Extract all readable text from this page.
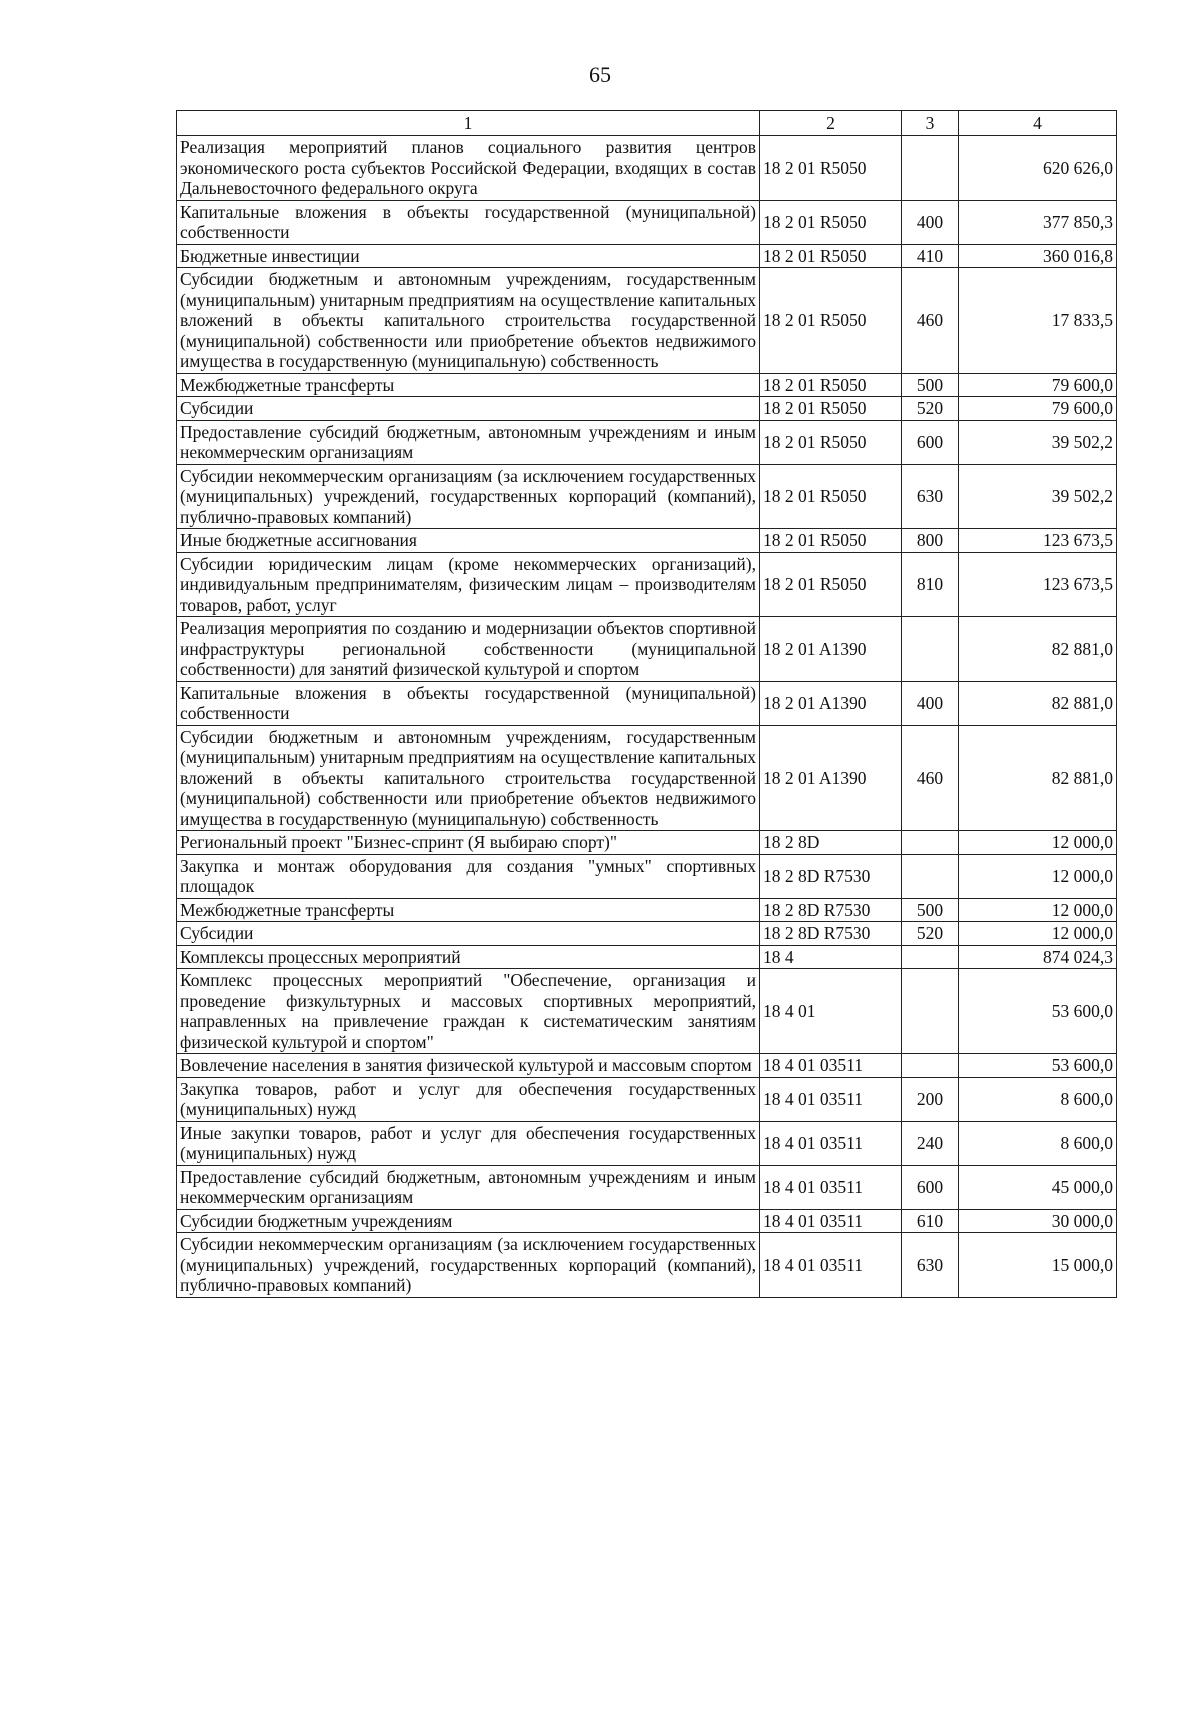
65
1	2	3	4
Реализация мероприятий планов социального развития центров экономического роста субъектов Российской Федерации, входящих в состав Дальневосточного федерального округа	18 2 01 R5050		620 626,0
Капитальные вложения в объекты государственной (муниципальной) собственности	18 2 01 R5050	400	377 850,3
Бюджетные инвестиции	18 2 01 R5050	410	360 016,8
Субсидии бюджетным и автономным учреждениям, государственным (муниципальным) унитарным предприятиям на осуществление капитальных вложений в объекты капитального строительства государственной (муниципальной) собственности или приобретение объектов недвижимого имущества в государственную (муниципальную) собственность	18 2 01 R5050	460	17 833,5
Межбюджетные трансферты	18 2 01 R5050	500	79 600,0
Субсидии	18 2 01 R5050	520	79 600,0
Предоставление субсидий бюджетным, автономным учреждениям и иным некоммерческим организациям	18 2 01 R5050	600	39 502,2
Субсидии некоммерческим организациям (за исключением государственных (муниципальных) учреждений, государственных корпораций (компаний), публично-правовых компаний)	18 2 01 R5050	630	39 502,2
Иные бюджетные ассигнования	18 2 01 R5050	800	123 673,5
Субсидии юридическим лицам (кроме некоммерческих организаций), индивидуальным предпринимателям, физическим лицам – производителям товаров, работ, услуг	18 2 01 R5050	810	123 673,5
Реализация мероприятия по созданию и модернизации объектов спортивной инфраструктуры региональной собственности (муниципальной собственности) для занятий физической культурой и спортом	18 2 01 A1390		82 881,0
Капитальные вложения в объекты государственной (муниципальной) собственности	18 2 01 A1390	400	82 881,0
Субсидии бюджетным и автономным учреждениям, государственным (муниципальным) унитарным предприятиям на осуществление капитальных вложений в объекты капитального строительства государственной (муниципальной) собственности или приобретение объектов недвижимого имущества в государственную (муниципальную) собственность	18 2 01 A1390	460	82 881,0
Региональный проект "Бизнес-спринт (Я выбираю спорт)"	18 2 8D		12 000,0
Закупка и монтаж оборудования для создания "умных" спортивных площадок	18 2 8D R7530		12 000,0
Межбюджетные трансферты	18 2 8D R7530	500	12 000,0
Субсидии	18 2 8D R7530	520	12 000,0
Комплексы процессных мероприятий	18 4		874 024,3
Комплекс процессных мероприятий "Обеспечение, организация и проведение физкультурных и массовых спортивных мероприятий, направленных на привлечение граждан к систематическим занятиям физической культурой и спортом"	18 4 01		53 600,0
Вовлечение населения в занятия физической культурой и массовым спортом	18 4 01 03511		53 600,0
Закупка товаров, работ и услуг для обеспечения государственных (муниципальных) нужд	18 4 01 03511	200	8 600,0
Иные закупки товаров, работ и услуг для обеспечения государственных (муниципальных) нужд	18 4 01 03511	240	8 600,0
Предоставление субсидий бюджетным, автономным учреждениям и иным некоммерческим организациям	18 4 01 03511	600	45 000,0
Субсидии бюджетным учреждениям	18 4 01 03511	610	30 000,0
Субсидии некоммерческим организациям (за исключением государственных (муниципальных) учреждений, государственных корпораций (компаний), публично-правовых компаний)	18 4 01 03511	630	15 000,0
